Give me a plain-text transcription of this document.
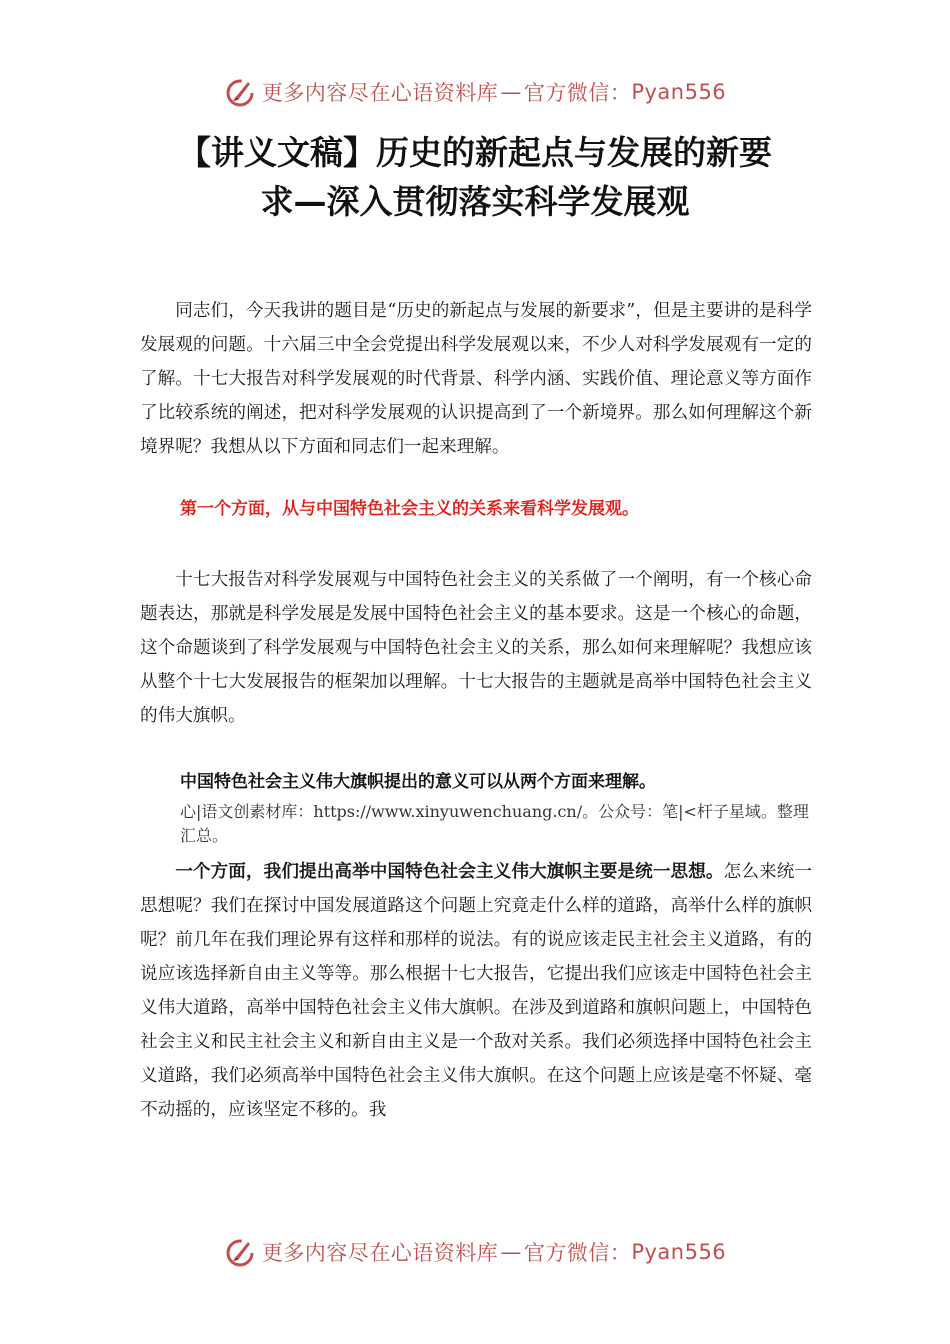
更多内容尽在心语资料库 — 官方微信： Pyan556
【讲义文稿】历史的新起点与发展的新要
求—深入贯彻落实科学发展观

同志们，今天我讲的题目是“历史的新起点与发展的新要求”，但是主要讲的是科学发展观的问题。十六届三中全会党提出科学发展观以来，不少人对科学发展观有一定的了解。十七大报告对科学发展观的时代背景、科学内涵、实践价值、理论意义等方面作了比较系统的阐述，把对科学发展观的认识提高到了一个新境界。那么如何理解这个新境界呢？我想从以下方面和同志们一起来理解。

第一个方面，从与中国特色社会主义的关系来看科学发展观。

十七大报告对科学发展观与中国特色社会主义的关系做了一个阐明，有一个核心命题表达，那就是科学发展是发展中国特色社会主义的基本要求。这是一个核心的命题，这个命题谈到了科学发展观与中国特色社会主义的关系，那么如何来理解呢？我想应该从整个十七大发展报告的框架加以理解。十七大报告的主题就是高举中国特色社会主义的伟大旗帜。

中国特色社会主义伟大旗帜提出的意义可以从两个方面来理解。
心|语文创素材库：https://www.xinyuwenchuang.cn/。公众号：笔|<杆子星域。整理汇总。

一个方面，我们提出高举中国特色社会主义伟大旗帜主要是统一思想。怎么来统一思想呢？我们在探讨中国发展道路这个问题上究竟走什么样的道路，高举什么样的旗帜呢？前几年在我们理论界有这样和那样的说法。有的说应该走民主社会主义道路，有的说应该选择新自由主义等等。那么根据十七大报告，它提出我们应该走中国特色社会主义伟大道路，高举中国特色社会主义伟大旗帜。在涉及到道路和旗帜问题上，中国特色社会主义和民主社会主义和新自由主义是一个敌对关系。我们必须选择中国特色社会主义道路，我们必须高举中国特色社会主义伟大旗帜。在这个问题上应该是毫不怀疑、毫不动摇的，应该坚定不移的。我

更多内容尽在心语资料库 — 官方微信： Pyan556
